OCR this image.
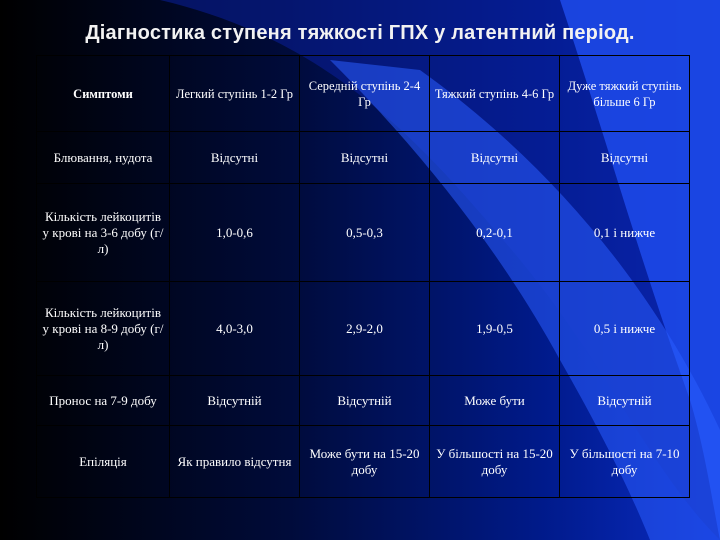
Діагностика ступеня тяжкості ГПХ у латентний період.
Симптоми	Легкий ступінь 1-2 Гр	Середній ступінь 2-4 Гр	Тяжкий ступінь 4-6 Гр	Дуже тяжкий ступінь більше 6 Гр
Блювання, нудота	Відсутні	Відсутні	Відсутні	Відсутні
Кількість лейкоцитів у крові на 3-6 добу (г/л)	1,0-0,6	0,5-0,3	0,2-0,1	0,1 і нижче
Кількість лейкоцитів у крові на 8-9 добу (г/л)	4,0-3,0	2,9-2,0	1,9-0,5	0,5 і нижче
Пронос на 7-9 добу	Відсутній	Відсутній	Може бути	Відсутній
Епіляція	Як правило відсутня	Може бути на 15-20 добу	У більшості на 15-20 добу	У більшості на 7-10 добу
